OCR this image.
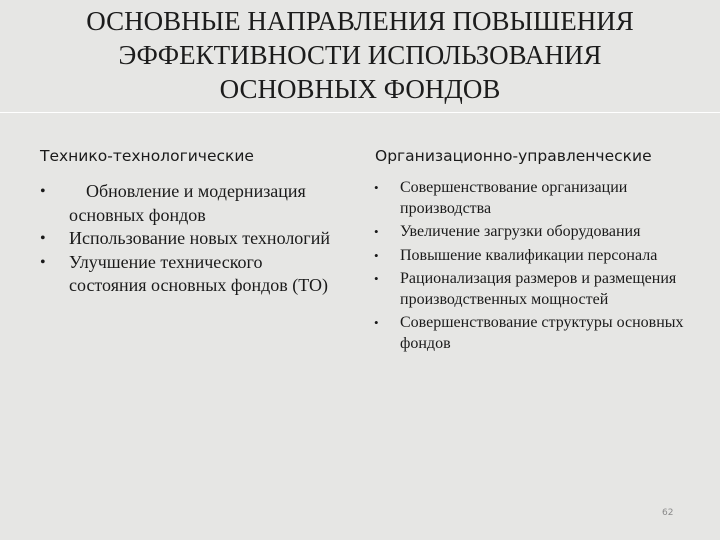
ОСНОВНЫЕ НАПРАВЛЕНИЯ ПОВЫШЕНИЯ
ЭФФЕКТИВНОСТИ ИСПОЛЬЗОВАНИЯ
ОСНОВНЫХ ФОНДОВ
Технико-технологические	Организационно-управленческие
• Обновление и модернизация основных фондов
• Использование новых технологий
• Улучшение технического состояния основных фондов (ТО)
• Совершенствование организации производства
• Увеличение загрузки оборудования
• Повышение квалификации персонала
• Рационализация размеров и размещения производственных мощностей
• Совершенствование структуры основных фондов
62
